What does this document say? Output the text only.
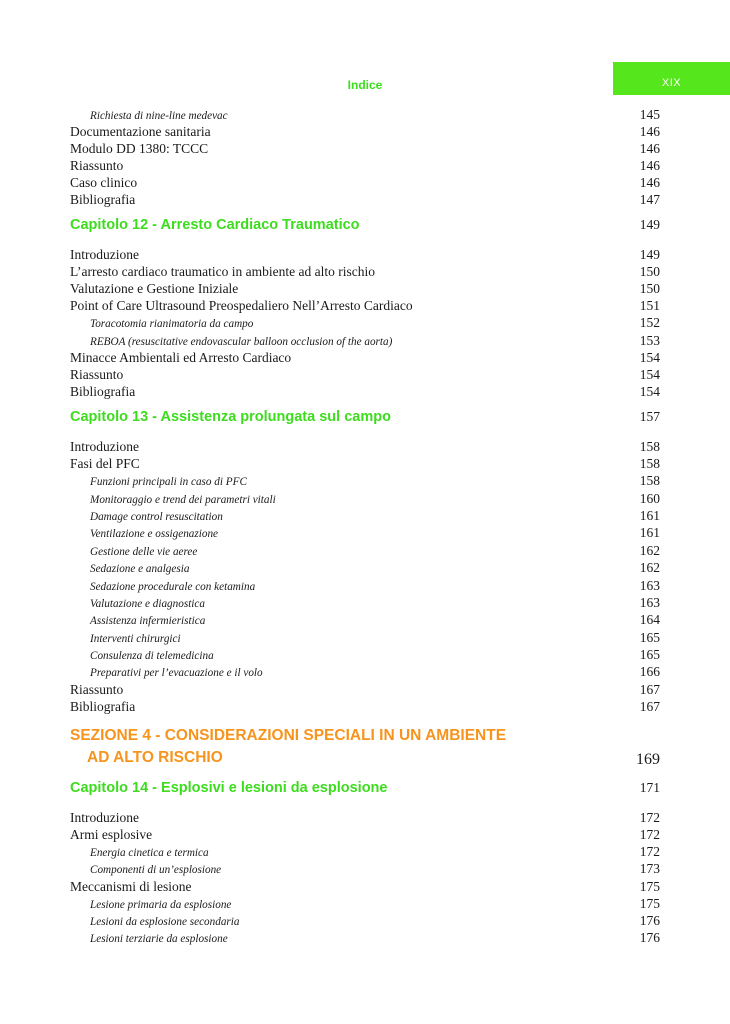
Indice	XIX
Richiesta di nine-line medevac	145
Documentazione sanitaria	146
Modulo DD 1380: TCCC	146
Riassunto	146
Caso clinico	146
Bibliografia	147
Capitolo 12 - Arresto Cardiaco Traumatico	149
Introduzione	149
L’arresto cardiaco traumatico in ambiente ad alto rischio	150
Valutazione e Gestione Iniziale	150
Point of Care Ultrasound Preospedaliero Nell’Arresto Cardiaco	151
Toracotomia rianimatoria da campo	152
REBOA (resuscitative endovascular balloon occlusion of the aorta)	153
Minacce Ambientali ed Arresto Cardiaco	154
Riassunto	154
Bibliografia	154
Capitolo 13 - Assistenza prolungata sul campo	157
Introduzione	158
Fasi del PFC	158
Funzioni principali in caso di PFC	158
Monitoraggio e trend dei parametri vitali	160
Damage control resuscitation	161
Ventilazione e ossigenazione	161
Gestione delle vie aeree	162
Sedazione e analgesia	162
Sedazione procedurale con ketamina	163
Valutazione e diagnostica	163
Assistenza infermieristica	164
Interventi chirurgici	165
Consulenza di telemedicina	165
Preparativi per l’evacuazione e il volo	166
Riassunto	167
Bibliografia	167
SEZIONE 4 - CONSIDERAZIONI SPECIALI IN UN AMBIENTE
AD ALTO RISCHIO	169
Capitolo 14 - Esplosivi e lesioni da esplosione	171
Introduzione	172
Armi esplosive	172
Energia cinetica e termica	172
Componenti di un’esplosione	173
Meccanismi di lesione	175
Lesione primaria da esplosione	175
Lesioni da esplosione secondaria	176
Lesioni terziarie da esplosione	176
